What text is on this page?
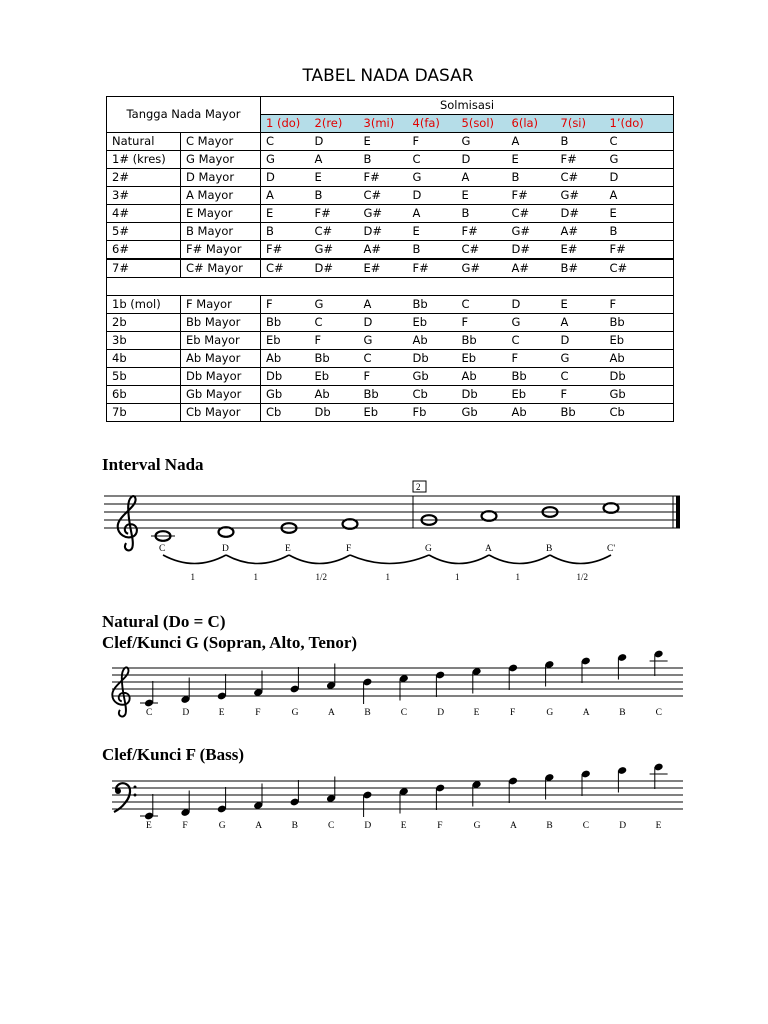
TABEL NADA DASAR
Tangga Nada Mayor		Solmisasi							
		1 (do)	2(re)	3(mi)	4(fa)	5(sol)	6(la)	7(si)	1’(do)
Natural	C Mayor	C	D	E	F	G	A	B	C
1# (kres)	G Mayor	G	A	B	C	D	E	F#	G
2#	D Mayor	D	E	F#	G	A	B	C#	D
3#	A Mayor	A	B	C#	D	E	F#	G#	A
4#	E Mayor	E	F#	G#	A	B	C#	D#	E
5#	B Mayor	B	C#	D#	E	F#	G#	A#	B
6#	F# Mayor	F#	G#	A#	B	C#	D#	E#	F#
7#	C# Mayor	C#	D#	E#	F#	G#	A#	B#	C#

1b (mol)	F Mayor	F	G	A	Bb	C	D	E	F
2b	Bb Mayor	Bb	C	D	Eb	F	G	A	Bb
3b	Eb Mayor	Eb	F	G	Ab	Bb	C	D	Eb
4b	Ab Mayor	Ab	Bb	C	Db	Eb	F	G	Ab
5b	Db Mayor	Db	Eb	F	Gb	Ab	Bb	C	Db
6b	Gb Mayor	Gb	Ab	Bb	Cb	Db	Eb	F	Gb
7b	Cb Mayor	Cb	Db	Eb	Fb	Gb	Ab	Bb	Cb
Interval Nada
2
C	D	E	F	G	A	B	C'
1	1	1/2	1	1	1	1/2
Natural (Do = C)
Clef/Kunci G (Sopran, Alto, Tenor)
C	D	E	F	G	A	B	C	D	E	F	G	A	B	C
Clef/Kunci F (Bass)
E	F	G	A	B	C	D	E	F	G	A	B	C	D	E
